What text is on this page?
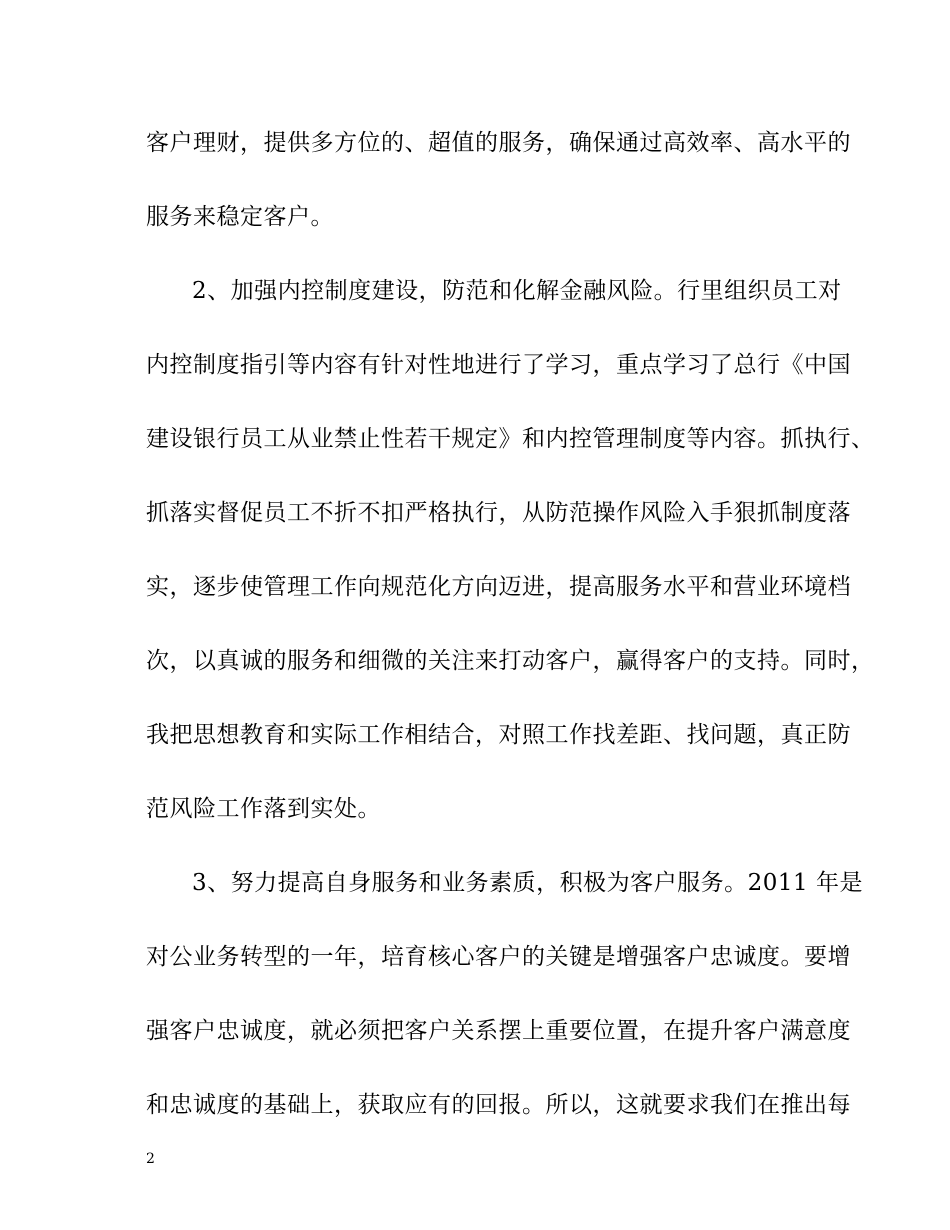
客户理财，提供多方位的、超值的服务，确保通过高效率、高水平的
服务来稳定客户。
2、加强内控制度建设，防范和化解金融风险。行里组织员工对
内控制度指引等内容有针对性地进行了学习，重点学习了总行《中国
建设银行员工从业禁止性若干规定》和内控管理制度等内容。抓执行、
抓落实督促员工不折不扣严格执行，从防范操作风险入手狠抓制度落
实，逐步使管理工作向规范化方向迈进，提高服务水平和营业环境档
次，以真诚的服务和细微的关注来打动客户，赢得客户的支持。同时，
我把思想教育和实际工作相结合，对照工作找差距、找问题，真正防
范风险工作落到实处。
3、努力提高自身服务和业务素质，积极为客户服务。2011 年是
对公业务转型的一年，培育核心客户的关键是增强客户忠诚度。要增
强客户忠诚度，就必须把客户关系摆上重要位置，在提升客户满意度
和忠诚度的基础上，获取应有的回报。所以，这就要求我们在推出每
2
